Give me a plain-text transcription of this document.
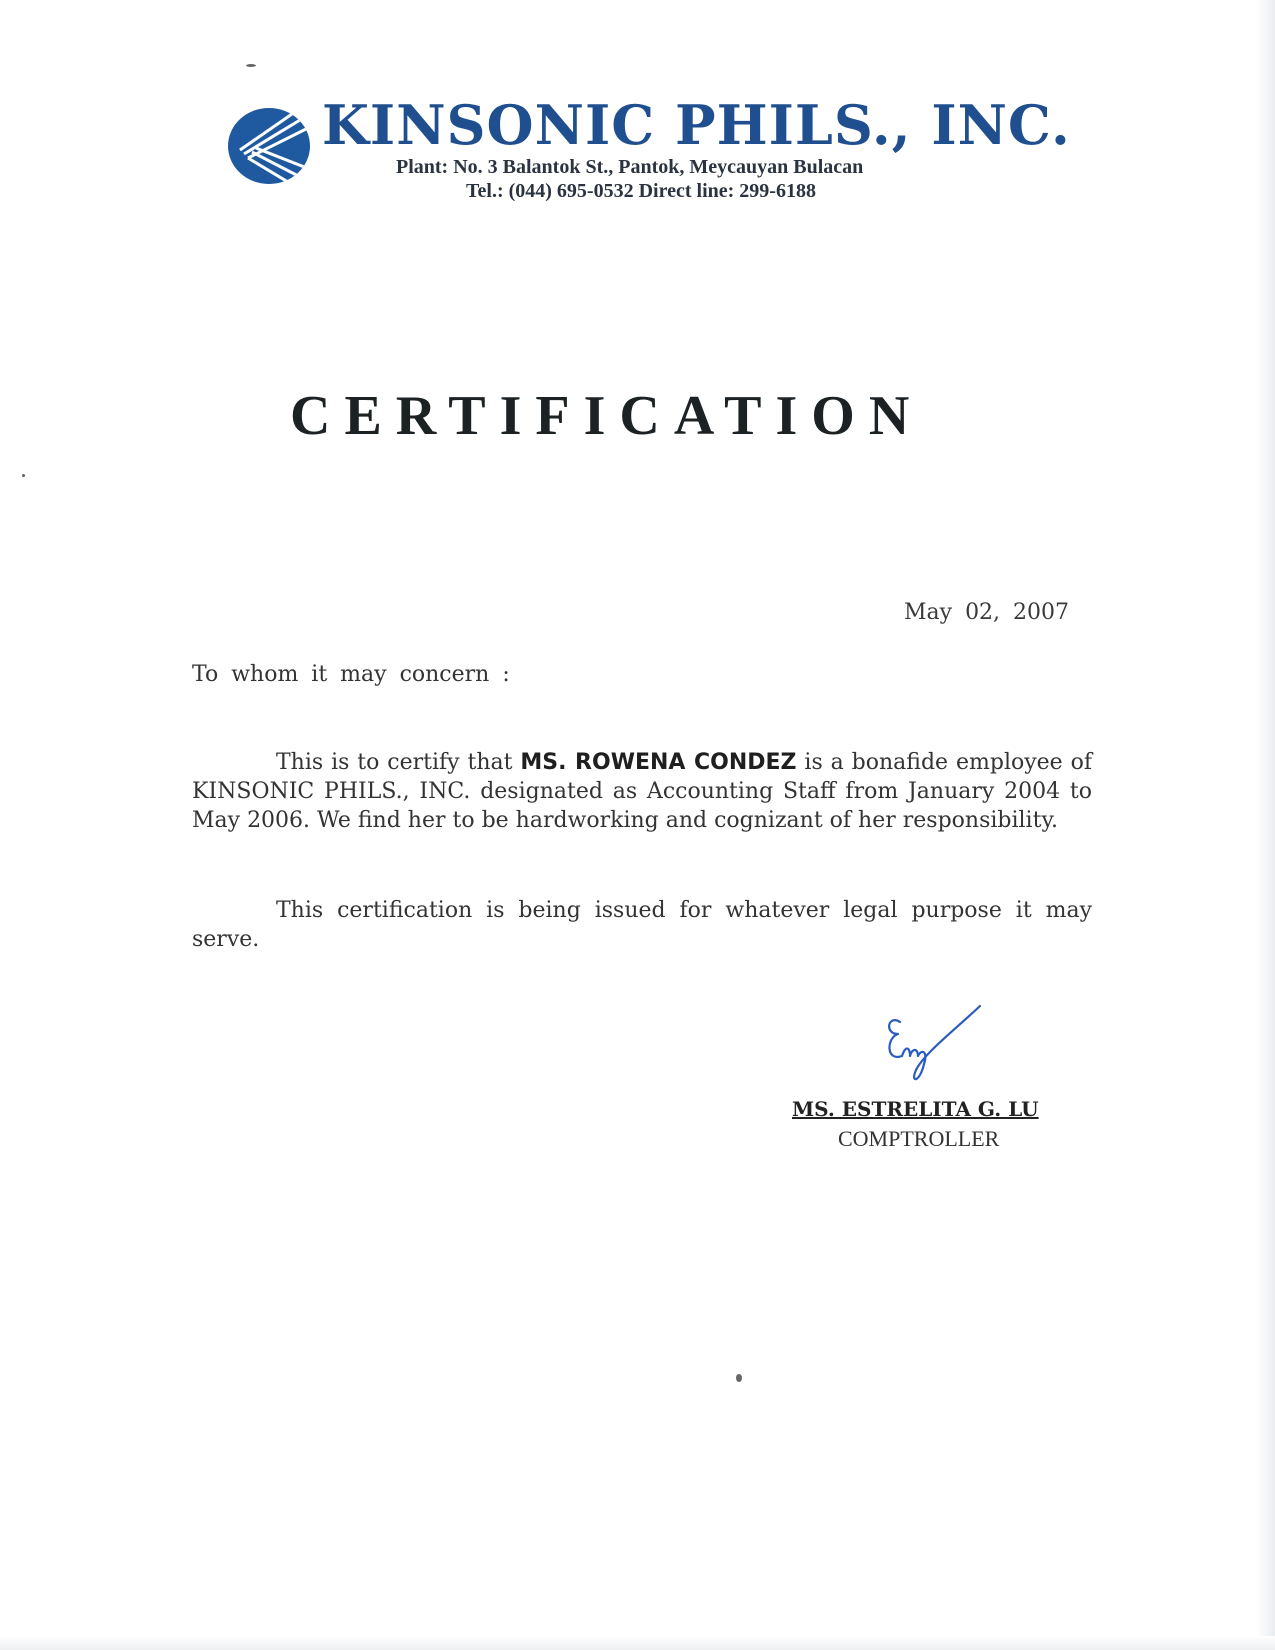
KINSONIC PHILS., INC.
Plant: No. 3 Balantok St., Pantok, Meycauyan Bulacan
Tel.: (044) 695-0532 Direct line: 299-6188
CERTIFICATION
May 02, 2007
To whom it may concern :
This is to certify that MS. ROWENA CONDEZ is a bonafide employee of KINSONIC PHILS., INC. designated as Accounting Staff from January 2004 to May 2006. We find her to be hardworking and cognizant of her responsibility.
This certification is being issued for whatever legal purpose it may serve.
MS. ESTRELITA G. LU
COMPTROLLER
